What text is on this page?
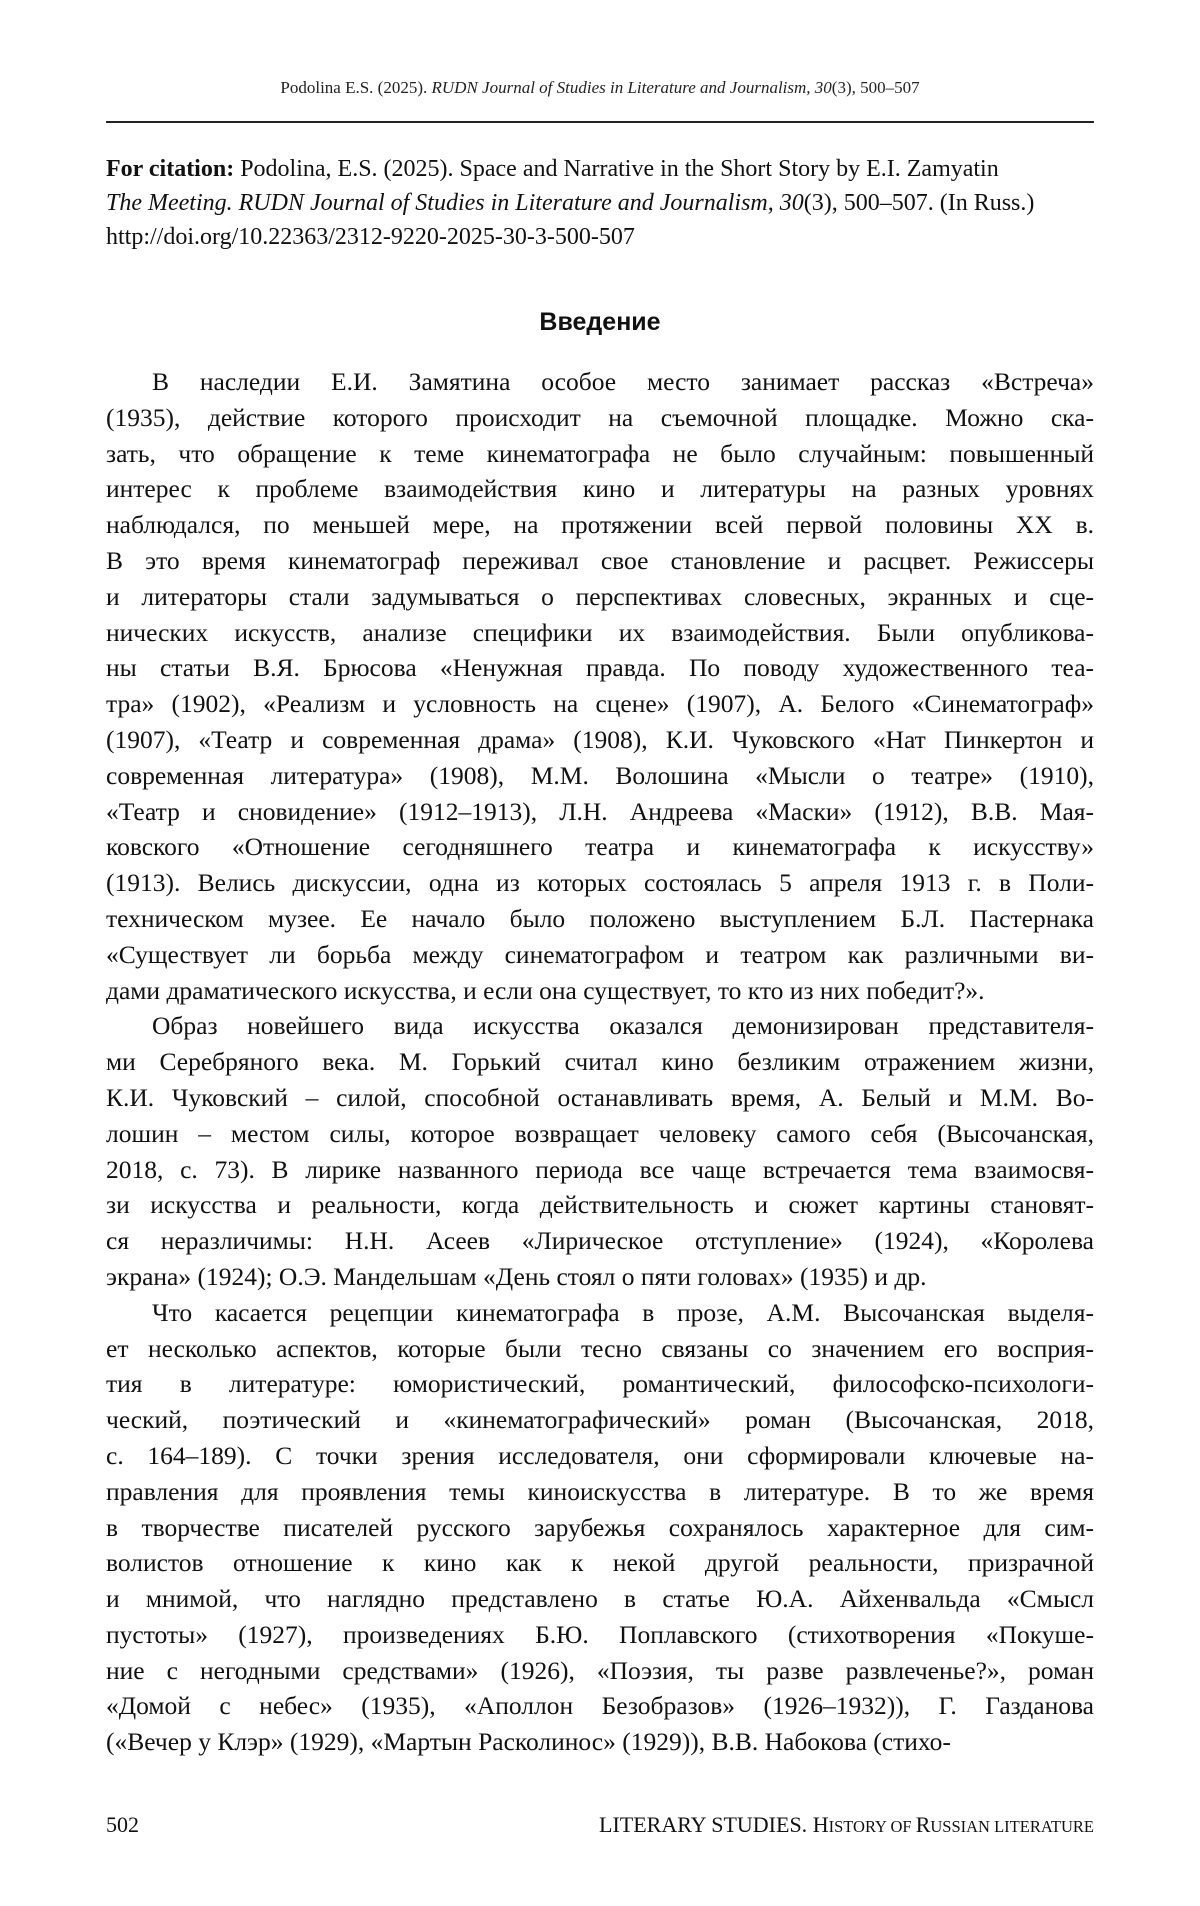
Podolina E.S. (2025). RUDN Journal of Studies in Literature and Journalism, 30(3), 500–507
For citation: Podolina, E.S. (2025). Space and Narrative in the Short Story by E.I. Zamyatin
The Meeting. RUDN Journal of Studies in Literature and Journalism, 30(3), 500–507. (In Russ.)
http://doi.org/10.22363/2312-9220-2025-30-3-500-507
Введение
В наследии Е.И. Замятина особое место занимает рассказ «Встреча»
(1935), действие которого происходит на съемочной площадке. Можно ска-
зать, что обращение к теме кинематографа не было случайным: повышенный
интерес к проблеме взаимодействия кино и литературы на разных уровнях
наблюдался, по меньшей мере, на протяжении всей первой половины XX в.
В это время кинематограф переживал свое становление и расцвет. Режиссеры
и литераторы стали задумываться о перспективах словесных, экранных и сце-
нических искусств, анализе специфики их взаимодействия. Были опубликова-
ны статьи В.Я. Брюсова «Ненужная правда. По поводу художественного теа-
тра» (1902), «Реализм и условность на сцене» (1907), А. Белого «Синематограф»
(1907), «Театр и современная драма» (1908), К.И. Чуковского «Нат Пинкертон и
современная литература» (1908), М.М. Волошина «Мысли о театре» (1910),
«Театр и сновидение» (1912–1913), Л.Н. Андреева «Маски» (1912), В.В. Мая-
ковского «Отношение сегодняшнего театра и кинематографа к искусству»
(1913). Велись дискуссии, одна из которых состоялась 5 апреля 1913 г. в Поли-
техническом музее. Ее начало было положено выступлением Б.Л. Пастернака
«Существует ли борьба между синематографом и театром как различными ви-
дами драматического искусства, и если она существует, то кто из них победит?».
Образ новейшего вида искусства оказался демонизирован представителя-
ми Серебряного века. М. Горький считал кино безликим отражением жизни,
К.И. Чуковский – силой, способной останавливать время, А. Белый и М.М. Во-
лошин – местом силы, которое возвращает человеку самого себя (Высочанская,
2018, с. 73). В лирике названного периода все чаще встречается тема взаимосвя-
зи искусства и реальности, когда действительность и сюжет картины становят-
ся неразличимы: Н.Н. Асеев «Лирическое отступление» (1924), «Королева
экрана» (1924); О.Э. Мандельшам «День стоял о пяти головах» (1935) и др.
Что касается рецепции кинематографа в прозе, А.М. Высочанская выделя-
ет несколько аспектов, которые были тесно связаны со значением его восприя-
тия в литературе: юмористический, романтический, философско-психологи-
ческий, поэтический и «кинематографический» роман (Высочанская, 2018,
с. 164–189). С точки зрения исследователя, они сформировали ключевые на-
правления для проявления темы киноискусства в литературе. В то же время
в творчестве писателей русского зарубежья сохранялось характерное для сим-
волистов отношение к кино как к некой другой реальности, призрачной
и мнимой, что наглядно представлено в статье Ю.А. Айхенвальда «Смысл
пустоты» (1927), произведениях Б.Ю. Поплавского (стихотворения «Покуше-
ние с негодными средствами» (1926), «Поэзия, ты разве развлеченье?», роман
«Домой с небес» (1935), «Аполлон Безобразов» (1926–1932)), Г. Газданова
(«Вечер у Клэр» (1929), «Мартын Расколинос» (1929)), В.В. Набокова (стихо-
502	LITERARY STUDIES. HISTORY OF RUSSIAN LITERATURE
